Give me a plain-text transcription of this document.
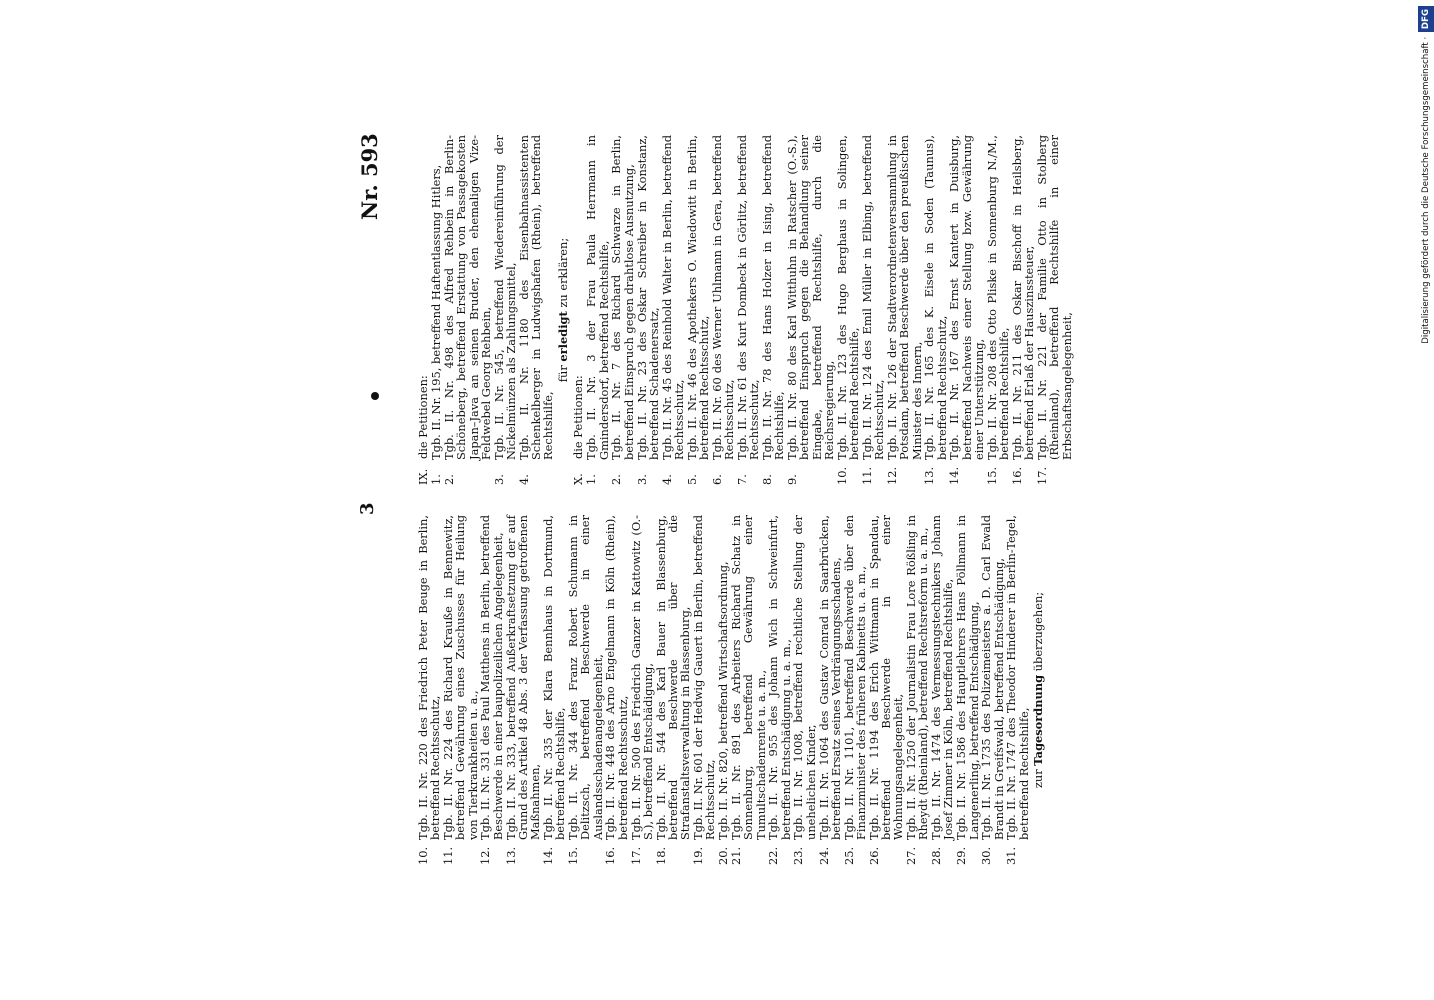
3
Nr. 593
10.
Tgb. II. Nr. 220 des Friedrich Peter Beuge in Berlin, betreffend Rechtsschutz,
11.
Tgb. II. Nr. 224 des Richard Krauße in Bennewitz, betreffend Gewährung eines Zuschusses für Heilung von Tierkrankheiten u. a.,
12.
Tgb. II. Nr. 331 des Paul Matthens in Berlin, betreffend Beschwerde in einer baupolizeilichen Angelegenheit,
13.
Tgb. II. Nr. 333, betreffend Außerkraftsetzung der auf Grund des Artikel 48 Abs. 3 der Verfassung getroffenen Maßnahmen,
14.
Tgb. II. Nr. 335 der Klara Bennhaus in Dortmund, betreffend Rechtshilfe,
15.
Tgb. II. Nr. 344 des Franz Robert Schumann in Delitzsch, betreffend Beschwerde in einer Auslandsschadenangelegenheit,
16.
Tgb. II. Nr. 448 des Arno Engelmann in Köln (Rhein), betreffend Rechtsschutz,
17.
Tgb. II. Nr. 500 des Friedrich Ganzer in Kattowitz (O.-S.), betreffend Entschädigung,
18.
Tgb. II. Nr. 544 des Karl Bauer in Blassenburg, betreffend Beschwerde über die Strafanstaltsverwaltung in Blassenburg,
19.
Tgb. II. Nr. 601 der Hedwig Gauert in Berlin, betreffend Rechtsschutz,
20.
Tgb. II. Nr. 820, betreffend Wirtschaftsordnung,
21.
Tgb. II. Nr. 891 des Arbeiters Richard Schatz in Sonnenburg, betreffend Gewährung einer Tumultschadenrente u. a. m.,
22.
Tgb. II. Nr. 955 des Johann Wich in Schweinfurt, betreffend Entschädigung u. a. m.,
23.
Tgb. II. Nr. 1008, betreffend rechtliche Stellung der unehelichen Kinder,
24.
Tgb. II. Nr. 1064 des Gustav Conrad in Saarbrücken, betreffend Ersatz seines Verdrängungsschadens,
25.
Tgb. II. Nr. 1101, betreffend Beschwerde über den Finanzminister des früheren Kabinetts u. a. m.,
26.
Tgb. II. Nr. 1194 des Erich Wittmann in Spandau, betreffend Beschwerde in einer Wohnungsangelegenheit,
27.
Tgb. II. Nr. 1250 der Journalistin Frau Lore Rößling in Rheydt (Rheinland), betreffend Rechtsreform u. a. m.,
28.
Tgb. II. Nr. 1474 des Vermessungstechnikers Johann Josef Zimmer in Köln, betreffend Rechtshilfe,
29.
Tgb. II. Nr. 1586 des Hauptlehrers Hans Pöllmann in Langenerling, betreffend Entschädigung,
30.
Tgb. II. Nr. 1735 des Polizeimeisters a. D. Carl Ewald Brandt in Greifswald, betreffend Entschädigung,
31.
Tgb. II. Nr. 1747 des Theodor Hinderer in Berlin-Tegel, betreffend Rechtshilfe, zur Tagesordnung überzugehen;
IX.die Petitionen:
1.
Tgb. II. Nr. 195, betreffend Haftentlassung Hitlers,
2.
Tgb. II. Nr. 498 des Alfred Rehbein in Berlin-Schöneberg, betreffend Erstattung von Passagekosten Japan–Java an seinen Bruder, den ehemaligen Vize-Feldwebel Georg Rehbein,
3.
Tgb. II. Nr. 545, betreffend Wiedereinführung der Nickelmünzen als Zahlungsmittel,
4.
Tgb. II. Nr. 1180 des Eisenbahnassistenten Schenkelberger in Ludwigshafen (Rhein), betreffend Rechtshilfe,
für erledigt zu erklären;
X.die Petitionen:
1.
Tgb. II. Nr. 3 der Frau Paula Herrmann in Gmindersdorf, betreffend Rechtshilfe,
2.
Tgb. II. Nr. 7 des Richard Schwarze in Berlin, betreffend Einspruch gegen drahtlose Ausnutzung,
3.
Tgb. II. Nr. 23 des Oskar Schreiber in Konstanz, betreffend Schadenersatz,
4.
Tgb. II. Nr. 45 des Reinhold Walter in Berlin, betreffend Rechtsschutz,
5.
Tgb. II. Nr. 46 des Apothekers O. Wiedowitt in Berlin, betreffend Rechtsschutz,
6.
Tgb. II. Nr. 60 des Werner Uhlmann in Gera, betreffend Rechtsschutz,
7.
Tgb. II. Nr. 61 des Kurt Dombeck in Görlitz, betreffend Rechtsschutz,
8.
Tgb. II. Nr. 78 des Hans Holzer in Ising, betreffend Rechtshilfe,
9.
Tgb. II. Nr. 80 des Karl Witthuhn in Ratscher (O.-S.), betreffend Einspruch gegen die Behandlung seiner Eingabe, betreffend Rechtshilfe, durch die Reichsregierung,
10.
Tgb. II. Nr. 123 des Hugo Berghaus in Solingen, betreffend Rechtshilfe,
11.
Tgb. II. Nr. 124 des Emil Müller in Elbing, betreffend Rechtsschutz,
12.
Tgb. II. Nr. 126 der Stadtverordnetenversammlung in Potsdam, betreffend Beschwerde über den preußischen Minister des Innern,
13.
Tgb. II. Nr. 165 des K. Eisele in Soden (Taunus), betreffend Rechtsschutz,
14.
Tgb. II. Nr. 167 des Ernst Kantert in Duisburg, betreffend Nachweis einer Stellung bzw. Gewährung einer Unterstützung,
15.
Tgb. II. Nr. 208 des Otto Pliske in Sonnenburg N./M., betreffend Rechtshilfe,
16.
Tgb. II. Nr. 211 des Oskar Bischoff in Heilsberg, betreffend Erlaß der Hauszinssteuer,
17.
Tgb. II. Nr. 221 der Familie Otto in Stolberg (Rheinland), betreffend Rechtshilfe in einer Erbschaftsangelegenheit,
Digitalisierung gefördert durch die Deutsche Forschungsgemeinschaft · DFG
